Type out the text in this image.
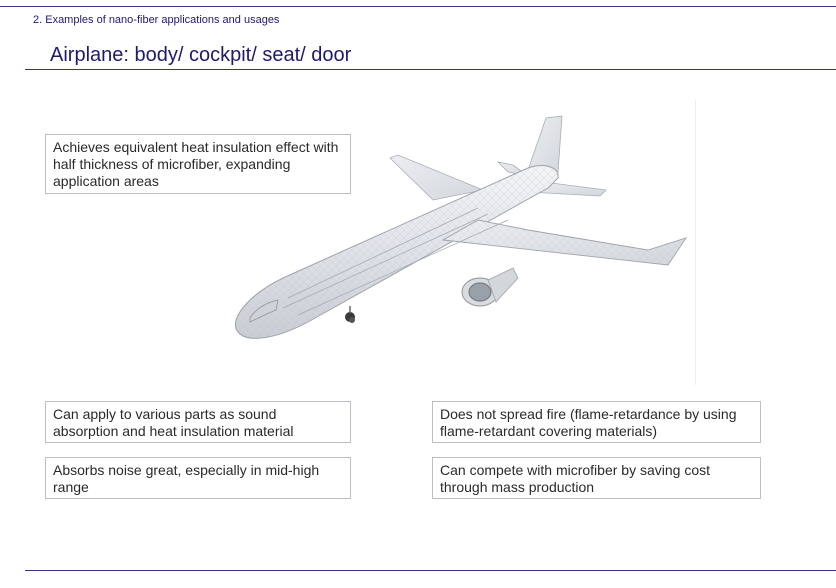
2. Examples of nano-fiber applications and usages
Airplane: body/ cockpit/ seat/ door
Achieves equivalent heat insulation effect with half thickness of microfiber, expanding application areas
Can apply to various parts as sound absorption and heat insulation material
Does not spread fire (flame-retardance by using flame-retardant covering materials)
Absorbs noise great, especially in mid-high range
Can compete with microfiber by saving cost through mass production
